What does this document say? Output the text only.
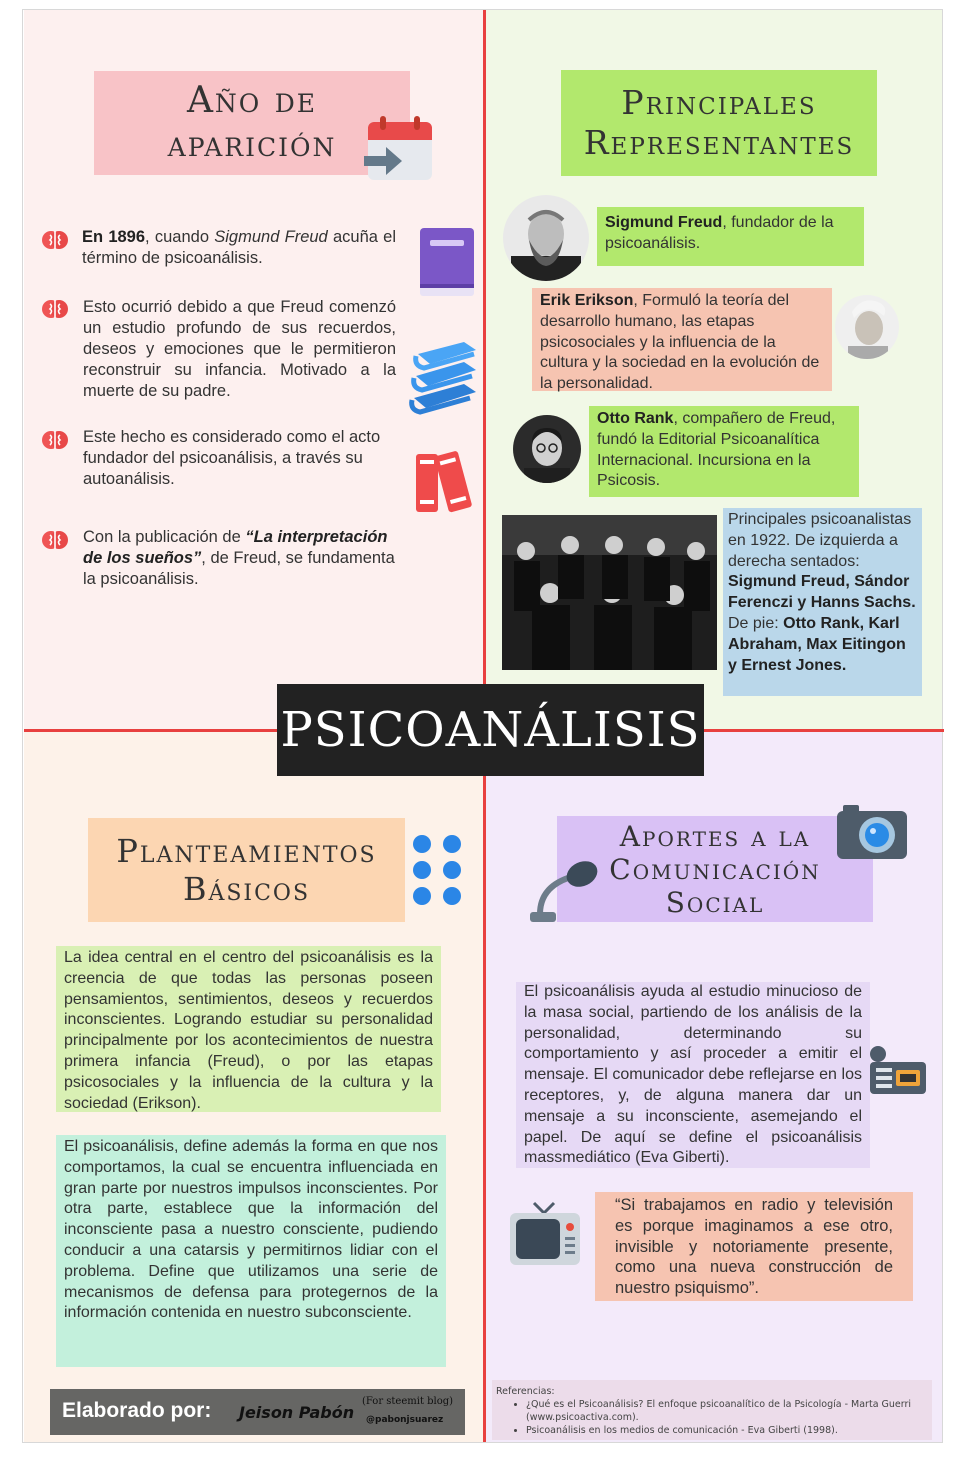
PSICOANÁLISIS
Año de
aparición
En 1896, cuando Sigmund Freud acuña el término de psicoanálisis.
Esto ocurrió debido a que Freud comenzó un estudio profundo de sus recuerdos, deseos y emociones que le permitieron reconstruir su infancia. Motivado a la muerte de su padre.
Este hecho es considerado como el acto fundador del psicoanálisis, a través su autoanálisis.
Con la publicación de “La interpretación de los sueños”, de Freud, se fundamenta la psicoanálisis.
Principales
Representantes
Sigmund Freud, fundador de la psicoanálisis.
Erik Erikson, Formuló la teoría del desarrollo humano, las etapas psicosociales y la influencia de la cultura y la sociedad en la evolución de la personalidad.
Otto Rank, compañero de Freud, fundó la Editorial Psicoanalítica Internacional. Incursiona en la Psicosis.
Principales psicoanalistas en 1922. De izquierda a derecha sentados: Sigmund Freud, Sándor Ferenczi y Hanns Sachs.
De pie: Otto Rank, Karl Abraham, Max Eitingon y Ernest Jones.
Planteamientos
Básicos
La idea central en el centro del psicoanálisis es la creencia de que todas las personas poseen pensamientos, sentimientos, deseos y recuerdos inconscientes. Logrando estudiar su personalidad principalmente por los acontecimientos de nuestra primera infancia (Freud), o por las etapas psicosociales y la influencia de la cultura y la sociedad (Erikson).
El psicoanálisis, define además la forma en que nos comportamos, la cual se encuentra influenciada en gran parte por nuestros impulsos inconscientes. Por otra parte, establece que la información del inconsciente pasa a nuestro consciente, pudiendo conducir a una catarsis y permitirnos lidiar con el problema. Define que utilizamos una serie de mecanismos de defensa para protegernos de la información contenida en nuestro subconsciente.
Elaborado por: Jeison Pabón
(For steemit blog)
@pabonjsuarez
Aportes a la
Comunicación
Social
El psicoanálisis ayuda al estudio minucioso de la masa social, partiendo de los análisis de la personalidad, determinando su comportamiento y así proceder a emitir el mensaje. El comunicador debe reflejarse en los receptores, y, de alguna manera dar un mensaje a su inconsciente, asemejando el papel. De aquí se define el psicoanálisis massmediático (Eva Giberti).
“Si trabajamos en radio y televisión es porque imaginamos a ese otro, invisible y notoriamente presente, como una nueva construcción de nuestro psiquismo”.
Referencias:
• ¿Qué es el Psicoanálisis? El enfoque psicoanalítico de la Psicología - Marta Guerri (www.psicoactiva.com).
• Psicoanálisis en los medios de comunicación - Eva Giberti (1998).
